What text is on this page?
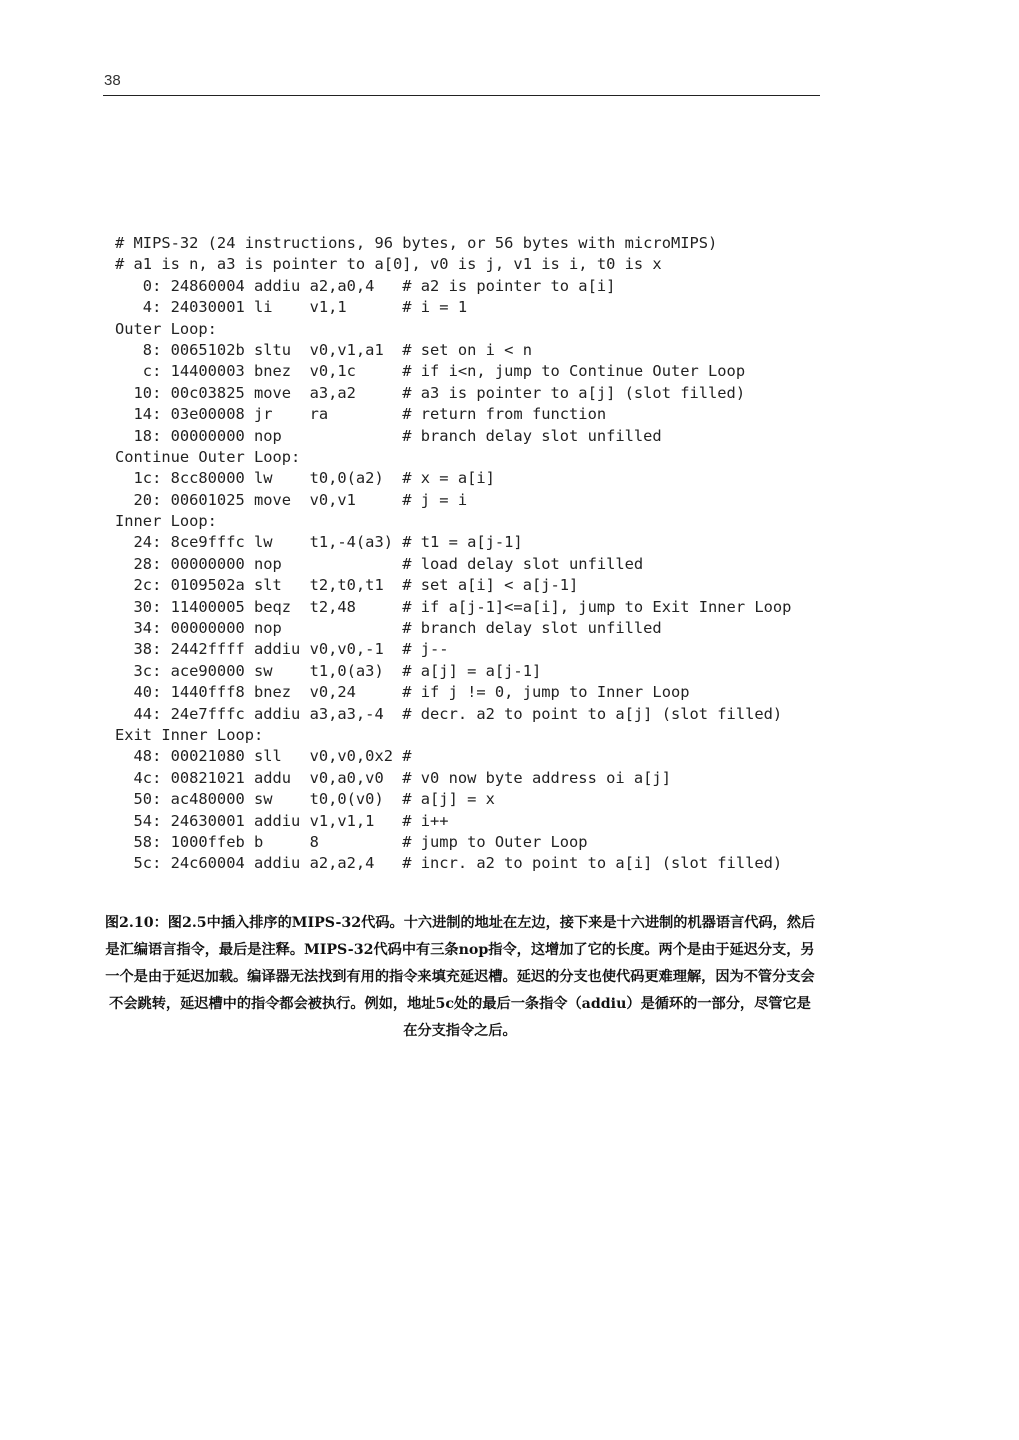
38
# MIPS-32 (24 instructions, 96 bytes, or 56 bytes with microMIPS)
# a1 is n, a3 is pointer to a[0], v0 is j, v1 is i, t0 is x
0: 24860004 addiu a2,a0,4   # a2 is pointer to a[i]
4: 24030001 li    v1,1      # i = 1
Outer Loop:
8: 0065102b sltu  v0,v1,a1  # set on i < n
c: 14400003 bnez  v0,1c     # if i<n, jump to Continue Outer Loop
10: 00c03825 move  a3,a2     # a3 is pointer to a[j] (slot filled)
14: 03e00008 jr    ra        # return from function
18: 00000000 nop             # branch delay slot unfilled
Continue Outer Loop:
1c: 8cc80000 lw    t0,0(a2)  # x = a[i]
20: 00601025 move  v0,v1     # j = i
Inner Loop:
24: 8ce9fffc lw    t1,-4(a3) # t1 = a[j-1]
28: 00000000 nop             # load delay slot unfilled
2c: 0109502a slt   t2,t0,t1  # set a[i] < a[j-1]
30: 11400005 beqz  t2,48     # if a[j-1]<=a[i], jump to Exit Inner Loop
34: 00000000 nop             # branch delay slot unfilled
38: 2442ffff addiu v0,v0,-1  # j--
3c: ace90000 sw    t1,0(a3)  # a[j] = a[j-1]
40: 1440fff8 bnez  v0,24     # if j != 0, jump to Inner Loop
44: 24e7fffc addiu a3,a3,-4  # decr. a2 to point to a[j] (slot filled)
Exit Inner Loop:
48: 00021080 sll   v0,v0,0x2 #
4c: 00821021 addu  v0,a0,v0  # v0 now byte address oi a[j]
50: ac480000 sw    t0,0(v0)  # a[j] = x
54: 24630001 addiu v1,v1,1   # i++
58: 1000ffeb b     8         # jump to Outer Loop
5c: 24c60004 addiu a2,a2,4   # incr. a2 to point to a[i] (slot filled)
图2.10：图2.5中插入排序的MIPS-32代码。十六进制的地址在左边，接下来是十六进制的机器语言代码，然后是汇编语言指令，最后是注释。MIPS-32代码中有三条nop指令，这增加了它的长度。两个是由于延迟分支，另一个是由于延迟加载。编译器无法找到有用的指令来填充延迟槽。延迟的分支也使代码更难理解，因为不管分支会不会跳转，延迟槽中的指令都会被执行。例如，地址5c处的最后一条指令（addiu）是循环的一部分，尽管它是在分支指令之后。
